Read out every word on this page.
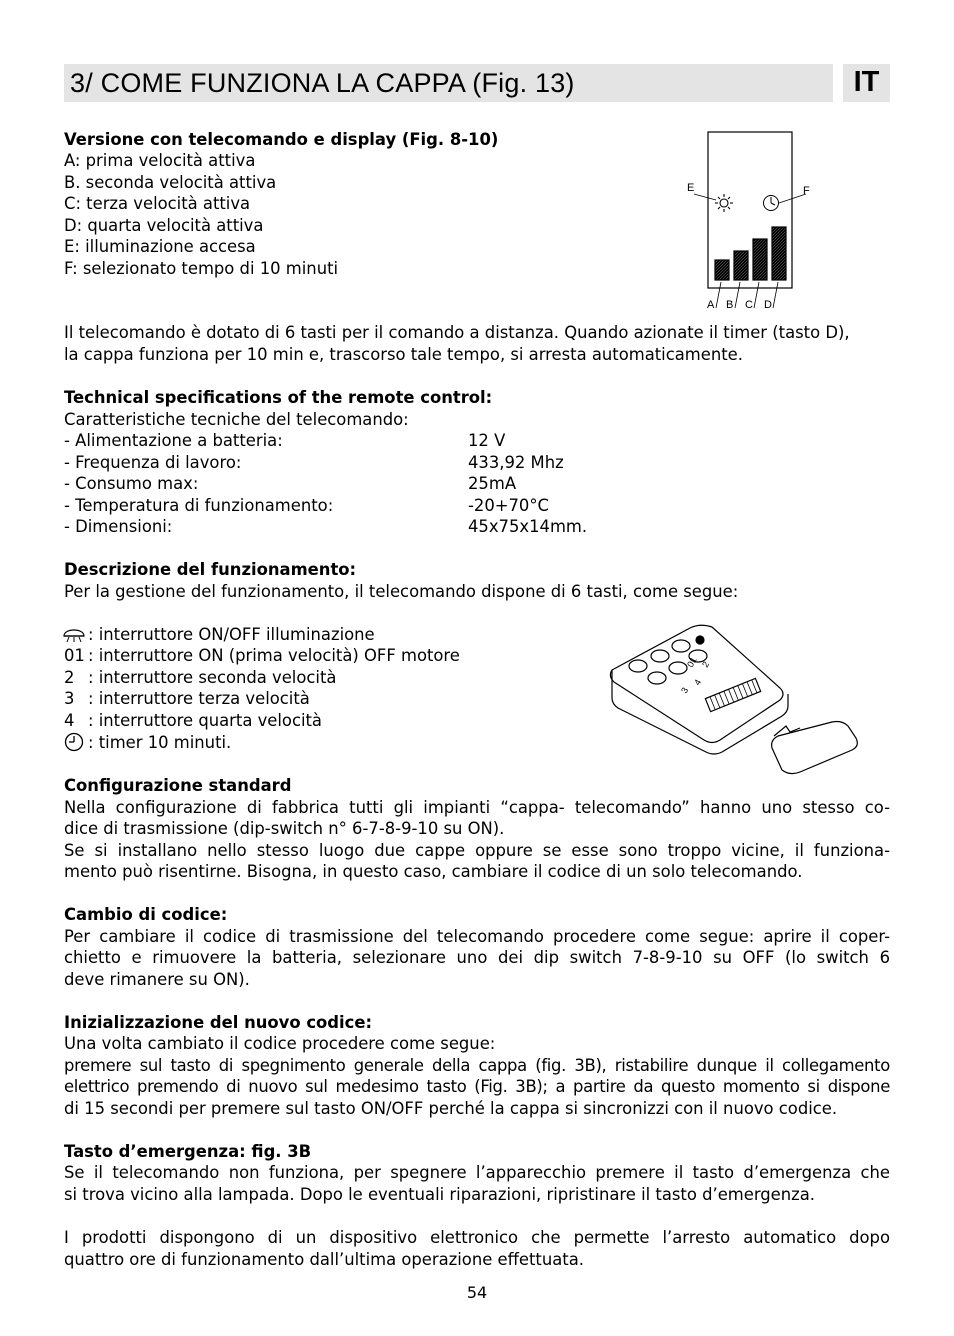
3/ COME FUNZIONA LA CAPPA (Fig. 13)	IT
Versione con telecomando e display (Fig. 8-10)
A: prima velocità attiva
B. seconda velocità attiva
C: terza velocità attiva
D: quarta velocità attiva
E: illuminazione accesa
F: selezionato tempo di 10 minuti
E	F
A B C D
Il telecomando è dotato di 6 tasti per il comando a distanza. Quando azionate il timer (tasto D),
la cappa funziona per 10 min e, trascorso tale tempo, si arresta automaticamente.
Technical specifications of the remote control:
Caratteristiche tecniche del telecomando:
- Alimentazione a batteria:	12 V
- Frequenza di lavoro:	433,92 Mhz
- Consumo max:	25mA
- Temperatura di funzionamento:	-20+70°C
- Dimensioni:	45x75x14mm.
Descrizione del funzionamento:
Per la gestione del funzionamento, il telecomando dispone di 6 tasti, come segue:
: interruttore ON/OFF illuminazione
01 : interruttore ON (prima velocità) OFF motore
2 : interruttore seconda velocità
3 : interruttore terza velocità
4 : interruttore quarta velocità
: timer 10 minuti.
01 2
3
4
Configurazione standard
Nella configurazione di fabbrica tutti gli impianti “cappa- telecomando” hanno uno stesso co-
dice di trasmissione (dip-switch n° 6-7-8-9-10 su ON).
Se si installano nello stesso luogo due cappe oppure se esse sono troppo vicine, il funziona-
mento può risentirne. Bisogna, in questo caso, cambiare il codice di un solo telecomando.
Cambio di codice:
Per cambiare il codice di trasmissione del telecomando procedere come segue: aprire il coper-
chietto e rimuovere la batteria, selezionare uno dei dip switch 7-8-9-10 su OFF (lo switch 6
deve rimanere su ON).
Inizializzazione del nuovo codice:
Una volta cambiato il codice procedere come segue:
premere sul tasto di spegnimento generale della cappa (fig. 3B), ristabilire dunque il collegamento
elettrico premendo di nuovo sul medesimo tasto (Fig. 3B); a partire da questo momento si dispone
di 15 secondi per premere sul tasto ON/OFF perché la cappa si sincronizzi con il nuovo codice.
Tasto d’emergenza: fig. 3B
Se il telecomando non funziona, per spegnere l’apparecchio premere il tasto d’emergenza che
si trova vicino alla lampada. Dopo le eventuali riparazioni, ripristinare il tasto d’emergenza.
I prodotti dispongono di un dispositivo elettronico che permette l’arresto automatico dopo
quattro ore di funzionamento dall’ultima operazione effettuata.
54
